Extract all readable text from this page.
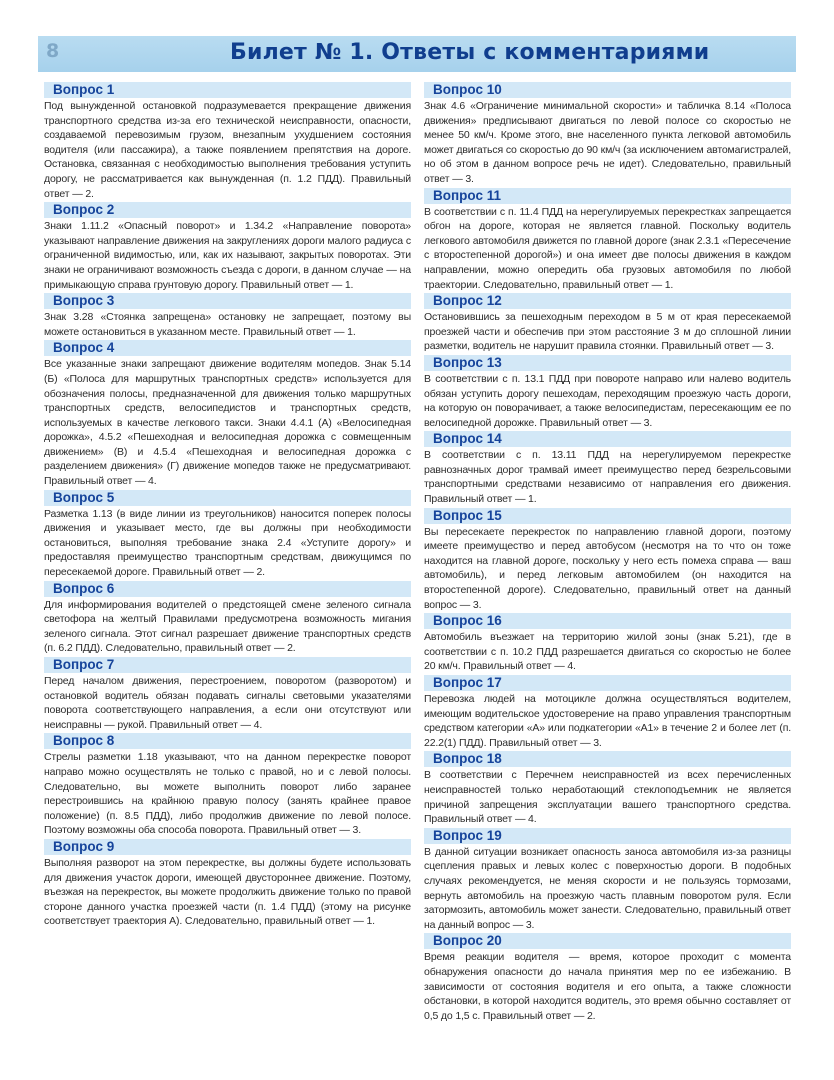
8	Билет № 1. Ответы с комментариями
Вопрос 1
Под вынужденной остановкой подразумевается прекращение движения транспортного средства из-за его технической неисправности, опасности, создаваемой перевозимым грузом, внезапным ухудшением состояния водителя (или пассажира), а также появлением препятствия на дороге. Остановка, связанная с необходимостью выполнения требования уступить дорогу, не рассматривается как вынужденная (п. 1.2 ПДД). Правильный ответ — 2.
Вопрос 2
Знаки 1.11.2 «Опасный поворот» и 1.34.2 «Направление поворота» указывают направление движения на закруглениях дороги малого радиуса с ограниченной видимостью, или, как их называют, закрытых поворотах. Эти знаки не ограничивают возможность съезда с дороги, в данном случае — на примыкающую справа грунтовую дорогу. Правильный ответ — 1.
Вопрос 3
Знак 3.28 «Стоянка запрещена» остановку не запрещает, поэтому вы можете остановиться в указанном месте. Правильный ответ — 1.
Вопрос 4
Все указанные знаки запрещают движение водителям мопедов. Знак 5.14 (Б) «Полоса для маршрутных транспортных средств» используется для обозначения полосы, предназначенной для движения только маршрутных транспортных средств, велосипедистов и транспортных средств, используемых в качестве легкового такси. Знаки 4.4.1 (А) «Велосипедная дорожка», 4.5.2 «Пешеходная и велосипедная дорожка с совмещенным движением» (В) и 4.5.4 «Пешеходная и велосипедная дорожка с разделением движения» (Г) движение мопедов также не предусматривают. Правильный ответ — 4.
Вопрос 5
Разметка 1.13 (в виде линии из треугольников) наносится поперек полосы движения и указывает место, где вы должны при необходимости остановиться, выполняя требование знака 2.4 «Уступите дорогу» и предоставляя преимущество транспортным средствам, движущимся по пересекаемой дороге. Правильный ответ — 2.
Вопрос 6
Для информирования водителей о предстоящей смене зеленого сигнала светофора на желтый Правилами предусмотрена возможность мигания зеленого сигнала. Этот сигнал разрешает движение транспортных средств (п. 6.2 ПДД). Следовательно, правильный ответ — 2.
Вопрос 7
Перед началом движения, перестроением, поворотом (разворотом) и остановкой водитель обязан подавать сигналы световыми указателями поворота соответствующего направления, а если они отсутствуют или неисправны — рукой. Правильный ответ — 4.
Вопрос 8
Стрелы разметки 1.18 указывают, что на данном перекрестке поворот направо можно осуществлять не только с правой, но и с левой полосы. Следовательно, вы можете выполнить поворот либо заранее перестроившись на крайнюю правую полосу (занять крайнее правое положение) (п. 8.5 ПДД), либо продолжив движение по левой полосе. Поэтому возможны оба способа поворота. Правильный ответ — 3.
Вопрос 9
Выполняя разворот на этом перекрестке, вы должны будете использовать для движения участок дороги, имеющей двустороннее движение. Поэтому, въезжая на перекресток, вы можете продолжить движение только по правой стороне данного участка проезжей части (п. 1.4 ПДД) (этому на рисунке соответствует траектория А). Следовательно, правильный ответ — 1.
Вопрос 10
Знак 4.6 «Ограничение минимальной скорости» и табличка 8.14 «Полоса движения» предписывают двигаться по левой полосе со скоростью не менее 50 км/ч. Кроме этого, вне населенного пункта легковой автомобиль может двигаться со скоростью до 90 км/ч (за исключением автомагистралей, но об этом в данном вопросе речь не идет). Следовательно, правильный ответ — 3.
Вопрос 11
В соответствии с п. 11.4 ПДД на нерегулируемых перекрестках запрещается обгон на дороге, которая не является главной. Поскольку водитель легкового автомобиля движется по главной дороге (знак 2.3.1 «Пересечение с второстепенной дорогой») и она имеет две полосы движения в каждом направлении, можно опередить оба грузовых автомобиля по любой траектории. Следовательно, правильный ответ — 1.
Вопрос 12
Остановившись за пешеходным переходом в 5 м от края пересекаемой проезжей части и обеспечив при этом расстояние 3 м до сплошной линии разметки, водитель не нарушит правила стоянки. Правильный ответ — 3.
Вопрос 13
В соответствии с п. 13.1 ПДД при повороте направо или налево водитель обязан уступить дорогу пешеходам, переходящим проезжую часть дороги, на которую он поворачивает, а также велосипедистам, пересекающим ее по велосипедной дорожке. Правильный ответ — 3.
Вопрос 14
В соответствии с п. 13.11 ПДД на нерегулируемом перекрестке равнозначных дорог трамвай имеет преимущество перед безрельсовыми транспортными средствами независимо от направления его движения. Правильный ответ — 1.
Вопрос 15
Вы пересекаете перекресток по направлению главной дороги, поэтому имеете преимущество и перед автобусом (несмотря на то что он тоже находится на главной дороге, поскольку у него есть помеха справа — ваш автомобиль), и перед легковым автомобилем (он находится на второстепенной дороге). Следовательно, правильный ответ на данный вопрос — 3.
Вопрос 16
Автомобиль въезжает на территорию жилой зоны (знак 5.21), где в соответствии с п. 10.2 ПДД разрешается двигаться со скоростью не более 20 км/ч. Правильный ответ — 4.
Вопрос 17
Перевозка людей на мотоцикле должна осуществляться водителем, имеющим водительское удостоверение на право управления транспортным средством категории «А» или подкатегории «А1» в течение 2 и более лет (п. 22.2(1) ПДД). Правильный ответ — 3.
Вопрос 18
В соответствии с Перечнем неисправностей из всех перечисленных неисправностей только неработающий стеклоподъемник не является причиной запрещения эксплуатации вашего транспортного средства. Правильный ответ — 4.
Вопрос 19
В данной ситуации возникает опасность заноса автомобиля из-за разницы сцепления правых и левых колес с поверхностью дороги. В подобных случаях рекомендуется, не меняя скорости и не пользуясь тормозами, вернуть автомобиль на проезжую часть плавным поворотом руля. Если затормозить, автомобиль может занести. Следовательно, правильный ответ на данный вопрос — 3.
Вопрос 20
Время реакции водителя — время, которое проходит с момента обнаружения опасности до начала принятия мер по ее избежанию. В зависимости от состояния водителя и его опыта, а также сложности обстановки, в которой находится водитель, это время обычно составляет от 0,5 до 1,5 с. Правильный ответ — 2.
